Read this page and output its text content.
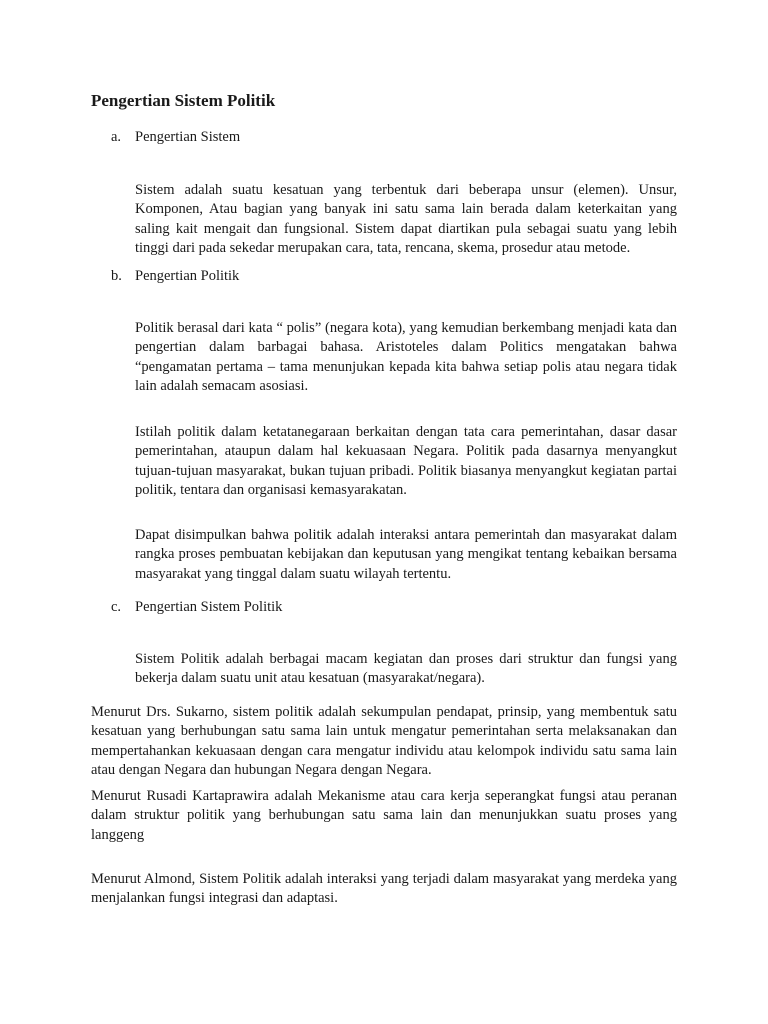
Pengertian Sistem Politik
a. Pengertian Sistem

Sistem adalah suatu kesatuan yang terbentuk dari beberapa unsur (elemen). Unsur, Komponen, Atau bagian yang banyak ini satu sama lain berada dalam keterkaitan yang saling kait mengait dan fungsional. Sistem dapat diartikan pula sebagai suatu yang lebih tinggi dari pada sekedar merupakan cara, tata, rencana, skema, prosedur atau metode.

b. Pengertian Politik

Politik berasal dari kata “ polis” (negara kota), yang kemudian berkembang menjadi kata dan pengertian dalam barbagai bahasa. Aristoteles dalam Politics mengatakan bahwa “pengamatan pertama – tama menunjukan kepada kita bahwa setiap polis atau negara tidak lain adalah semacam asosiasi.

Istilah politik dalam ketatanegaraan berkaitan dengan tata cara pemerintahan, dasar dasar pemerintahan, ataupun dalam hal kekuasaan Negara. Politik pada dasarnya menyangkut tujuan-tujuan masyarakat, bukan tujuan pribadi. Politik biasanya menyangkut kegiatan partai politik, tentara dan organisasi kemasyarakatan.

Dapat disimpulkan bahwa politik adalah interaksi antara pemerintah dan masyarakat dalam rangka proses pembuatan kebijakan dan keputusan yang mengikat tentang kebaikan bersama masyarakat yang tinggal dalam suatu wilayah tertentu.

c. Pengertian Sistem Politik

Sistem Politik adalah berbagai macam kegiatan dan proses dari struktur dan fungsi yang bekerja dalam suatu unit atau kesatuan (masyarakat/negara).

Menurut Drs. Sukarno, sistem politik adalah sekumpulan pendapat, prinsip, yang membentuk satu kesatuan yang berhubungan satu sama lain untuk mengatur pemerintahan serta melaksanakan dan mempertahankan kekuasaan dengan cara mengatur individu atau kelompok individu satu sama lain atau dengan Negara dan hubungan Negara dengan Negara.

Menurut Rusadi Kartaprawira adalah Mekanisme atau cara kerja seperangkat fungsi atau peranan dalam struktur politik yang berhubungan satu sama lain dan menunjukkan suatu proses yang langgeng

Menurut Almond, Sistem Politik adalah interaksi yang terjadi dalam masyarakat yang merdeka yang menjalankan fungsi integrasi dan adaptasi.
